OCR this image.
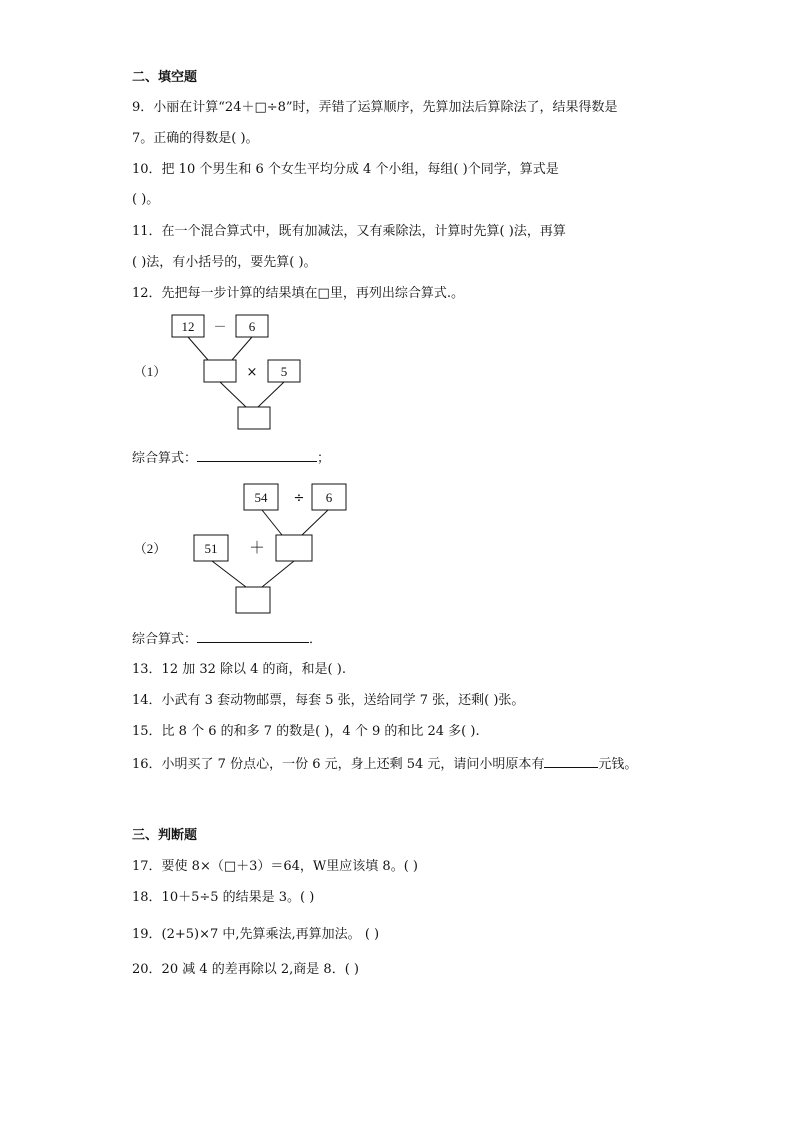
二、填空题
9．小丽在计算“24＋□÷8”时，弄错了运算顺序，先算加法后算除法了，结果得数是
7。正确的得数是( )。
10．把 10 个男生和 6 个女生平均分成 4 个小组，每组( )个同学，算式是
( )。
11．在一个混合算式中，既有加减法，又有乘除法，计算时先算( )法，再算
( )法，有小括号的，要先算( )。
12．先把每一步计算的结果填在□里，再列出综合算式.。
12 － 6
（1）	× 5
54 ÷ 6
（2）	51 ＋
综合算式：	；
综合算式：	．
13．12 加 32 除以 4 的商，和是( ).
14．小武有 3 套动物邮票，每套 5 张，送给同学 7 张，还剩( )张。
15．比 8 个 6 的和多 7 的数是( )，4 个 9 的和比 24 多( ).
16．小明买了 7 份点心，一份 6 元，身上还剩 54 元，请问小明原本有	元钱。
三、判断题
17．要使 8×（□＋3）＝64，W里应该填 8。( )
18．10＋5÷5 的结果是 3。( )
19．(2+5)×7 中,先算乘法,再算加法。 ( )
20．20 减 4 的差再除以 2,商是 8．( )
